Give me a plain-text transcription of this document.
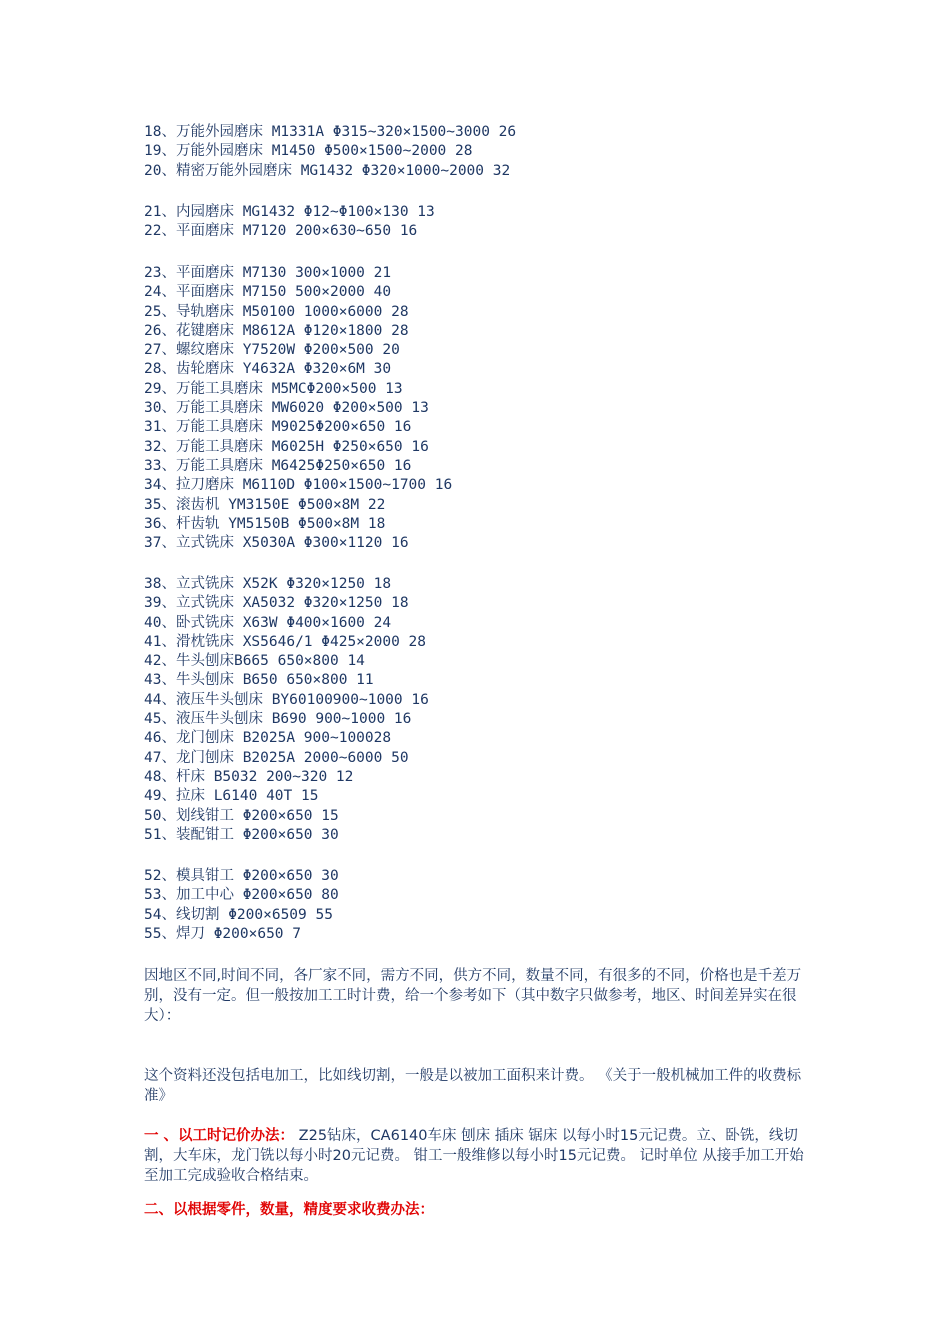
18、万能外园磨床 M1331A Φ315~320×1500~3000 26
19、万能外园磨床 M1450 Φ500×1500~2000 28
20、精密万能外园磨床 MG1432 Φ320×1000~2000 32
21、内园磨床 MG1432 Φ12~Φ100×130 13
22、平面磨床 M7120 200×630~650 16
23、平面磨床 M7130 300×1000 21
24、平面磨床 M7150 500×2000 40
25、导轨磨床 M50100 1000×6000 28
26、花键磨床 M8612A Φ120×1800 28
27、螺纹磨床 Y7520W Φ200×500 20
28、齿轮磨床 Y4632A Φ320×6M 30
29、万能工具磨床 M5MCΦ200×500 13
30、万能工具磨床 MW6020 Φ200×500 13
31、万能工具磨床 M9025Φ200×650 16
32、万能工具磨床 M6025H Φ250×650 16
33、万能工具磨床 M6425Φ250×650 16
34、拉刀磨床 M6110D Φ100×1500~1700 16
35、滚齿机 YM3150E Φ500×8M 22
36、杆齿轨 YM5150B Φ500×8M 18
37、立式铣床 X5030A Φ300×1120 16
38、立式铣床 X52K Φ320×1250 18
39、立式铣床 XA5032 Φ320×1250 18
40、卧式铣床 X63W Φ400×1600 24
41、滑枕铣床 XS5646/1 Φ425×2000 28
42、牛头刨床B665 650×800 14
43、牛头刨床 B650 650×800 11
44、液压牛头刨床 BY60100900~1000 16
45、液压牛头刨床 B690 900~1000 16
46、龙门刨床 B2025A 900~100028
47、龙门刨床 B2025A 2000~6000 50
48、杆床 B5032 200~320 12
49、拉床 L6140 40T 15
50、划线钳工 Φ200×650 15
51、装配钳工 Φ200×650 30
52、模具钳工 Φ200×650 30
53、加工中心 Φ200×650 80
54、线切割 Φ200×6509 55
55、焊刀 Φ200×650 7

因地区不同,时间不同，各厂家不同，需方不同，供方不同，数量不同，有很多的不同，价格也是千差万别，没有一定。但一般按加工工时计费，给一个参考如下（其中数字只做参考，地区、时间差异实在很大）：

这个资料还没包括电加工，比如线切割，一般是以被加工面积来计费。 《关于一般机械加工件的收费标准》

一 、以工时记价办法： Z25钻床，CA6140车床 刨床 插床 锯床 以每小时15元记费。立、卧铣，线切割，大车床，龙门铣以每小时20元记费。 钳工一般维修以每小时15元记费。 记时单位 从接手加工开始至加工完成验收合格结束。

二、以根据零件，数量，精度要求收费办法：
